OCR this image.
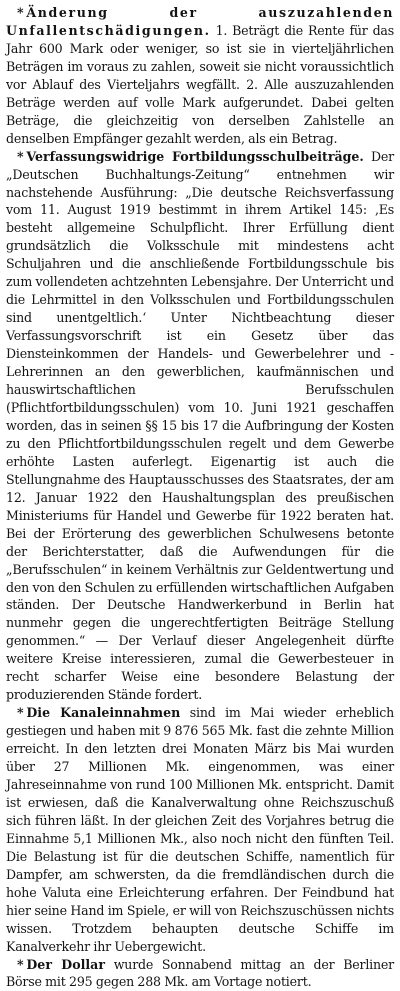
* Änderung der auszuzahlenden Unfallentschädigungen. 1. Beträgt die Rente für das Jahr 600 Mark oder weniger, so ist sie in vierteljährlichen Beträgen im voraus zu zahlen, soweit sie nicht voraussichtlich vor Ablauf des Vierteljahrs wegfällt. 2. Alle auszuzahlenden Beträge werden auf volle Mark aufgerundet. Dabei gelten Beträge, die gleichzeitig von derselben Zahlstelle an denselben Empfänger gezahlt werden, als ein Betrag.

* Verfassungswidrige Fortbildungsschulbeiträge. Der „Deutschen Buchhaltungs-Zeitung“ entnehmen wir nachstehende Ausführung: „Die deutsche Reichsverfassung vom 11. August 1919 bestimmt in ihrem Artikel 145: ‚Es besteht allgemeine Schulpflicht. Ihrer Erfüllung dient grundsätzlich die Volksschule mit mindestens acht Schuljahren und die anschließende Fortbildungsschule bis zum vollendeten achtzehnten Lebensjahre. Der Unterricht und die Lehrmittel in den Volksschulen und Fortbildungsschulen sind unentgeltlich.‘ Unter Nichtbeachtung dieser Verfassungsvorschrift ist ein Gesetz über das Diensteinkommen der Handels- und Gewerbelehrer und -Lehrerinnen an den gewerblichen, kaufmännischen und hauswirtschaftlichen Berufsschulen (Pflichtfortbildungsschulen) vom 10. Juni 1921 geschaffen worden, das in seinen §§ 15 bis 17 die Aufbringung der Kosten zu den Pflichtfortbildungsschulen regelt und dem Gewerbe erhöhte Lasten auferlegt. Eigenartig ist auch die Stellungnahme des Hauptausschusses des Staatsrates, der am 12. Januar 1922 den Haushaltungsplan des preußischen Ministeriums für Handel und Gewerbe für 1922 beraten hat. Bei der Erörterung des gewerblichen Schulwesens betonte der Berichterstatter, daß die Aufwendungen für die „Berufsschulen“ in keinem Verhältnis zur Geldentwertung und den von den Schulen zu erfüllenden wirtschaftlichen Aufgaben ständen. Der Deutsche Handwerkerbund in Berlin hat nunmehr gegen die ungerechtfertigten Beiträge Stellung genommen.“ — Der Verlauf dieser Angelegenheit dürfte weitere Kreise interessieren, zumal die Gewerbesteuer in recht scharfer Weise eine besondere Belastung der produzierenden Stände fordert.

* Die Kanaleinnahmen sind im Mai wieder erheblich gestiegen und haben mit 9 876 565 Mk. fast die zehnte Million erreicht. In den letzten drei Monaten März bis Mai wurden über 27 Millionen Mk. eingenommen, was einer Jahreseinnahme von rund 100 Millionen Mk. entspricht. Damit ist erwiesen, daß die Kanalverwaltung ohne Reichszuschuß sich führen läßt. In der gleichen Zeit des Vorjahres betrug die Einnahme 5,1 Millionen Mk., also noch nicht den fünften Teil. Die Belastung ist für die deutschen Schiffe, namentlich für Dampfer, am schwersten, da die fremdländischen durch die hohe Valuta eine Erleichterung erfahren. Der Feindbund hat hier seine Hand im Spiele, er will von Reichszuschüssen nichts wissen. Trotzdem behaupten deutsche Schiffe im Kanalverkehr ihr Uebergewicht.

* Der Dollar wurde Sonnabend mittag an der Berliner Börse mit 295 gegen 288 Mk. am Vortage notiert.
